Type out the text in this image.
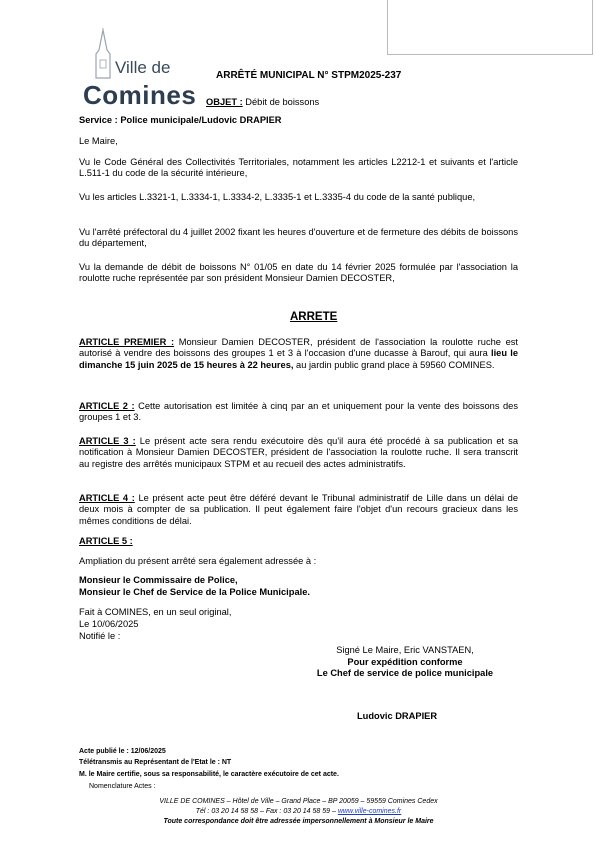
Ville de
Comines
ARRÊTÉ MUNICIPAL N° STPM2025-237
OBJET : Débit de boissons
Service : Police municipale/Ludovic DRAPIER
Le Maire,
Vu le Code Général des Collectivités Territoriales, notamment les articles L2212-1 et suivants et l'article L.511-1 du code de la sécurité intérieure,
Vu les articles L.3321-1, L.3334-1, L.3334-2, L.3335-1 et L.3335-4 du code de la santé publique,
Vu l'arrêté préfectoral du 4 juillet 2002 fixant les heures d'ouverture et de fermeture des débits de boissons du département,
Vu la demande de débit de boissons N° 01/05 en date du 14 février 2025 formulée par l'association la roulotte ruche représentée par son président Monsieur Damien DECOSTER,
ARRETE
ARTICLE PREMIER : Monsieur Damien DECOSTER, président de l'association la roulotte ruche est autorisé à vendre des boissons des groupes 1 et 3 à l'occasion d'une ducasse à Barouf, qui aura lieu le dimanche 15 juin 2025 de 15 heures à 22 heures, au jardin public grand place à 59560 COMINES.
ARTICLE 2 : Cette autorisation est limitée à cinq par an et uniquement pour la vente des boissons des groupes 1 et 3.
ARTICLE 3 : Le présent acte sera rendu exécutoire dès qu'il aura été procédé à sa publication et sa notification à Monsieur Damien DECOSTER, président de l'association la roulotte ruche. Il sera transcrit au registre des arrêtés municipaux STPM et au recueil des actes administratifs.
ARTICLE 4 : Le présent acte peut être déféré devant le Tribunal administratif de Lille dans un délai de deux mois à compter de sa publication. Il peut également faire l'objet d'un recours gracieux dans les mêmes conditions de délai.
ARTICLE 5 :
Ampliation du présent arrêté sera également adressée à :
Monsieur le Commissaire de Police,
Monsieur le Chef de Service de la Police Municipale.
Fait à COMINES, en un seul original,
Le 10/06/2025
Notifié le :
Signé Le Maire, Eric VANSTAEN,
Pour expédition conforme
Le Chef de service de police municipale
Ludovic DRAPIER
Acte publié le : 12/06/2025
Télétransmis au Représentant de l'Etat le : NT
M. le Maire certifie, sous sa responsabilité, le caractère exécutoire de cet acte.
Nomenclature Actes :
VILLE DE COMINES – Hôtel de Ville – Grand Place – BP 20059 – 59559 Comines Cedex
Tél : 03 20 14 58 58 – Fax : 03 20 14 58 59 – www.ville-comines.fr
Toute correspondance doit être adressée impersonnellement à Monsieur le Maire
